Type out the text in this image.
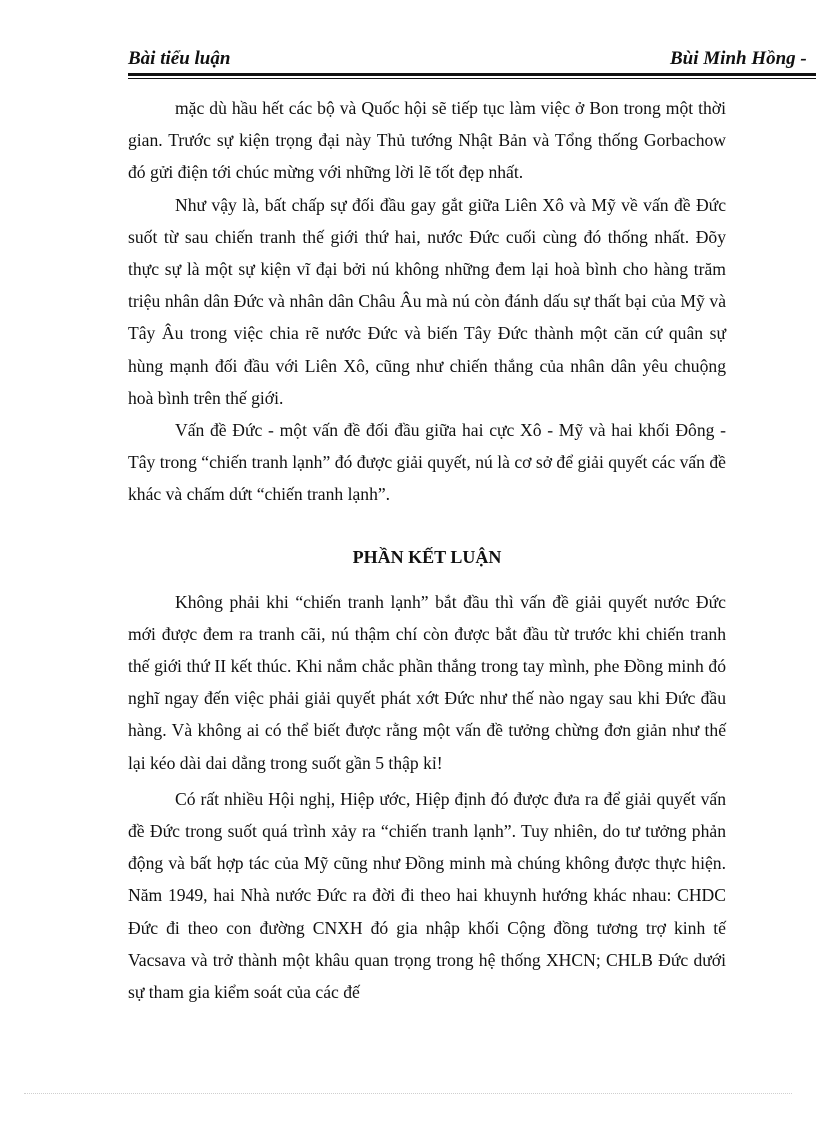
Bài tiểu luận	Bùi Minh Hồng -

mặc dù hầu hết các bộ và Quốc hội sẽ tiếp tục làm việc ở Bon trong một thời gian. Trước sự kiện trọng đại này Thủ tướng Nhật Bản và Tổng thống Gorbachow đó gửi điện tới chúc mừng với những lời lẽ tốt đẹp nhất.

Như vậy là, bất chấp sự đối đầu gay gắt giữa Liên Xô và Mỹ về vấn đề Đức suốt từ sau chiến tranh thế giới thứ hai, nước Đức cuối cùng đó thống nhất. Đõy thực sự là một sự kiện vĩ đại bởi nú không những đem lại hoà bình cho hàng trăm triệu nhân dân Đức và nhân dân Châu Âu mà nú còn đánh dấu sự thất bại của Mỹ và Tây Âu trong việc chia rẽ nước Đức và biến Tây Đức thành một căn cứ quân sự hùng mạnh đối đầu với Liên Xô, cũng như chiến thắng của nhân dân yêu chuộng hoà bình trên thế giới.

Vấn đề Đức - một vấn đề đối đầu giữa hai cực Xô - Mỹ và hai khối Đông - Tây trong “chiến tranh lạnh” đó được giải quyết, nú là cơ sở để giải quyết các vấn đề khác và chấm dứt “chiến tranh lạnh”.

PHẦN KẾT LUẬN

Không phải khi “chiến tranh lạnh” bắt đầu thì vấn đề giải quyết nước Đức mới được đem ra tranh cãi, nú thậm chí còn được bắt đầu từ trước khi chiến tranh thế giới thứ II kết thúc. Khi nắm chắc phần thắng trong tay mình, phe Đồng minh đó nghĩ ngay đến việc phải giải quyết phát xớt Đức như thế nào ngay sau khi Đức đầu hàng. Và không ai có thể biết được rằng một vấn đề tưởng chừng đơn giản như thế lại kéo dài dai dẳng trong suốt gần 5 thập kỉ!

Có rất nhiều Hội nghị, Hiệp ước, Hiệp định đó được đưa ra để giải quyết vấn đề Đức trong suốt quá trình xảy ra “chiến tranh lạnh”. Tuy nhiên, do tư tưởng phản động và bất hợp tác của Mỹ cũng như Đồng minh mà chúng không được thực hiện. Năm 1949, hai Nhà nước Đức ra đời đi theo hai khuynh hướng khác nhau: CHDC Đức đi theo con đường CNXH đó gia nhập khối Cộng đồng tương trợ kinh tế Vacsava và trở thành một khâu quan trọng trong hệ thống XHCN; CHLB Đức dưới sự tham gia kiểm soát của các đế
